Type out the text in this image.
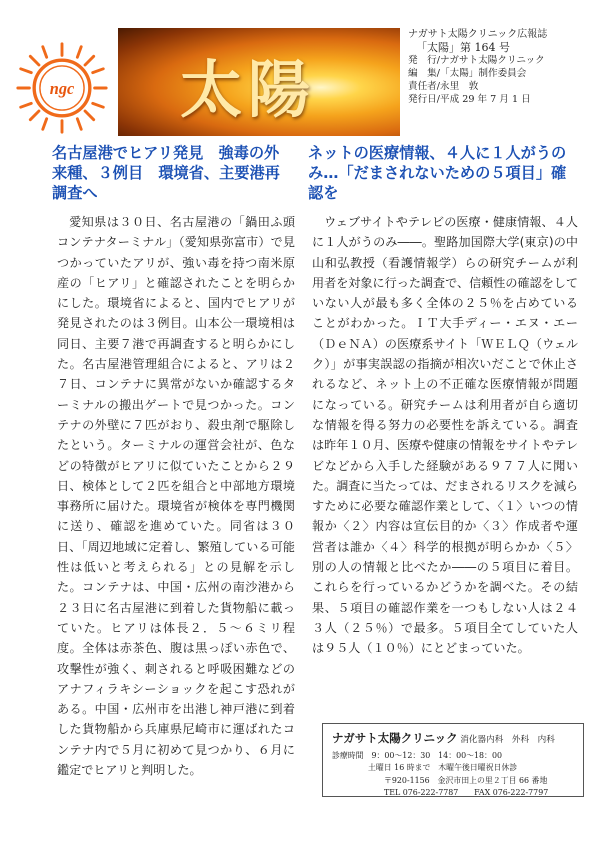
太陽
ngc
ナガサト太陽クリニック広報誌
「太陽」第 164 号
発　行/ナガサト太陽クリニック
編　集/「太陽」制作委員会
責任者/永里　敦
発行日/平成 29 年 7 月 1 日
名古屋港でヒアリ発見　強毒の外来種、３例目　環境省、主要港再調査へ

愛知県は３０日、名古屋港の「鍋田ふ頭コンテナターミナル」（愛知県弥富市）で見つかっていたアリが、強い毒を持つ南米原産の「ヒアリ」と確認されたことを明らかにした。環境省によると、国内でヒアリが発見されたのは３例目。山本公一環境相は同日、主要７港で再調査すると明らかにした。名古屋港管理組合によると、アリは２７日、コンテナに異常がないか確認するターミナルの搬出ゲートで見つかった。コンテナの外壁に７匹がおり、殺虫剤で駆除したという。ターミナルの運営会社が、色などの特徴がヒアリに似ていたことから２９日、検体として２匹を組合と中部地方環境事務所に届けた。環境省が検体を専門機関に送り、確認を進めていた。同省は３０日、「周辺地域に定着し、繁殖している可能性は低いと考えられる」との見解を示した。コンテナは、中国・広州の南沙港から２３日に名古屋港に到着した貨物船に載っていた。ヒアリは体長２．５～６ミリ程度。全体は赤茶色、腹は黒っぽい赤色で、攻撃性が強く、刺されると呼吸困難などのアナフィラキシーショックを起こす恐れがある。中国・広州市を出港し神戸港に到着した貨物船から兵庫県尼崎市に運ばれたコンテナ内で５月に初めて見つかり、６月に鑑定でヒアリと判明した。

ネットの医療情報、４人に１人がうのみ…「だまされないための５項目」確認を

ウェブサイトやテレビの医療・健康情報、４人に１人がうのみ――。聖路加国際大学(東京)の中山和弘教授（看護情報学）らの研究チームが利用者を対象に行った調査で、信頼性の確認をしていない人が最も多く全体の２５％を占めていることがわかった。ＩＴ大手ディー・エヌ・エー（ＤｅＮＡ）の医療系サイト「ＷＥＬＱ（ウェルク）」が事実誤認の指摘が相次いだことで休止されるなど、ネット上の不正確な医療情報が問題になっている。研究チームは利用者が自ら適切な情報を得る努力の必要性を訴えている。調査は昨年１０月、医療や健康の情報をサイトやテレビなどから入手した経験がある９７７人に聞いた。調査に当たっては、だまされるリスクを減らすために必要な確認作業として、〈１〉いつの情報か〈２〉内容は宣伝目的か〈３〉作成者や運営者は誰か〈４〉科学的根拠が明らかか〈５〉別の人の情報と比べたか――の５項目に着目。これらを行っているかどうかを調べた。その結果、５項目の確認作業を一つもしない人は２４３人（２５％）で最多。５項目全てしていた人は９５人（１０％）にとどまっていた。

ナガサト太陽クリニック 消化器内科　外科　内科
診療時間　9：00～12：30　14：00～18：00
土曜日 16 時まで　木曜午後日曜祝日休診
〒920-1156　金沢市田上の里２丁目 66 番地
TEL 076-222-7787　　FAX 076-222-7797
